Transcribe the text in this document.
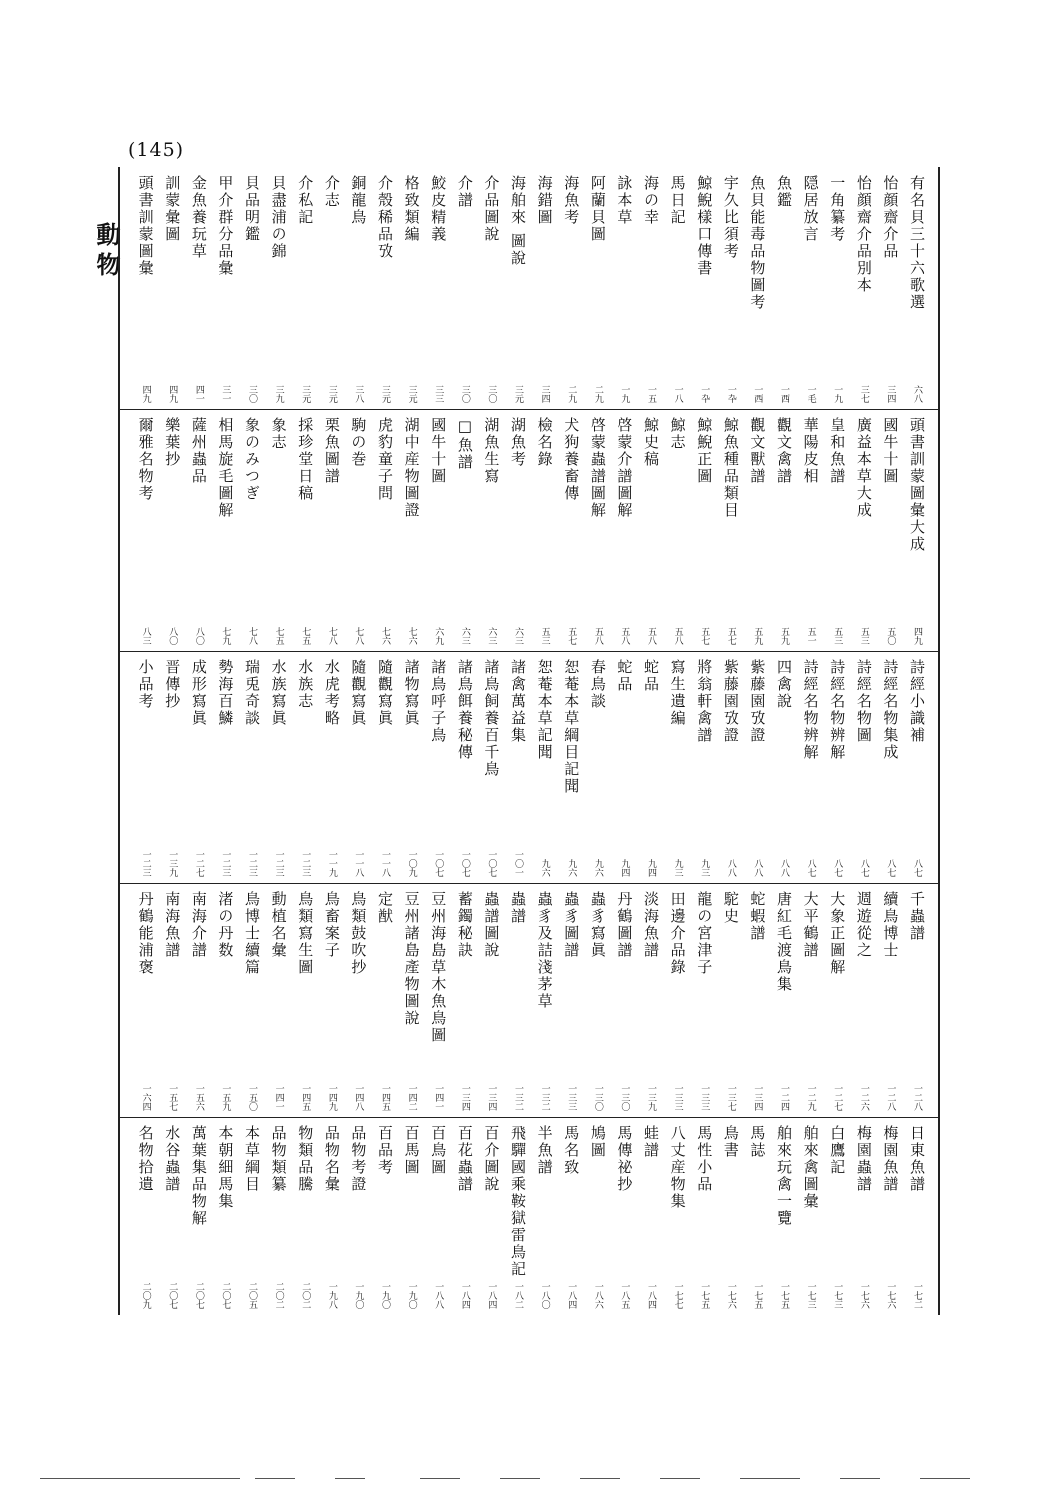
(145)
動物	有名貝三十六歌選
六八
怡顔齋介品
三四
怡顔齋介品別本
三七
一角纂考
一九
隠居放言
一毛
魚鑑
一西
魚貝能毒品物圖考
一西
宇久比須考
一卆
鯨鯢樣口傳書
一卆
馬日記
一八
海の幸
一五
詠本草
一九
阿蘭貝圖
二九
海魚考
二九
海錯圖
三四
海舶來 圖說
三元
介品圖說
三〇
介譜
三〇
鮫皮精義
三三
格致類編
三元
介殼稀品攷
三元
銅龍鳥
三八
介志
三元
介私記
三元
貝盡浦の錦
三九
貝品明鑑
三〇
甲介群分品彙
三一
金魚養玩草
四一
訓蒙彙圖
四九
頭書訓蒙圖彙
四九
頭書訓蒙圖彙大成
四九
國牛十圖
五〇
廣益本草大成
五三
皇和魚譜
五三
華陽皮相
五一
觀文禽譜
五九
觀文獸譜
五九
鯨魚種品類目
五七
鯨鯢正圖
五七
鯨志
五八
鯨史稿
五八
啓蒙介譜圖解
五八
啓蒙蟲譜圖解
五八
犬狗養畜傳
五七
檢名錄
五三
湖魚考
六三
湖魚生寫
六三
□魚譜
六三
國牛十圖
六九
湖中産物圖證
七六
虎豹童子問
七六
駒の巻
七八
栗魚圖譜
七八
採珍堂日稿
七五
象志
七五
象のみつぎ
七八
相馬旋毛圖解
七九
薩州蟲品
八〇
樂葉抄
八〇
爾雅名物考
八三
詩經小識補
八七
詩經名物集成
八七
詩經名物圖
八七
詩經名物辨解
八七
詩經名物辨解
八七
四禽說
八八
紫藤園攷證
八八
紫藤園攷證
八八
將翁軒禽譜
九三
寫生遺編
九三
蛇品
九四
蛇品
九四
春鳥談
九六
恕菴本草綱目記聞
九六
恕菴本草記聞
九六
諸禽萬益集
一〇一
諸鳥飼養百千鳥
一〇七
諸鳥餌養秘傳
一〇七
諸鳥呼子鳥
一〇七
諸物寫眞
一〇九
隨觀寫眞
一一八
隨觀寫眞
一一八
水虎考略
一一九
水族志
一二三
水族寫眞
一二三
瑞兎奇談
一二三
勢海百鱗
一二三
成形寫眞
一二七
晋傳抄
一三九
小品考
一二三
千蟲譜
一二八
續鳥博士
一二八
週遊從之
一二六
大象正圖解
一二七
大平鶴譜
一二九
唐紅毛渡鳥集
一二四
蛇蝦譜
一三四
駝史
一三七
龍の宮津子
一三三
田邊介品錄
一三三
淡海魚譜
一三九
丹鶴圖譜
一三〇
蟲豸寫眞
一三〇
蟲豸圖譜
一三三
蟲豸及詰淺茅草
一三二
蟲譜
一三二
蟲譜圖說
一三四
蓄鐲秘訣
一三四
豆州海島草木魚鳥圖
一四一
豆州諸島產物圖說
一四二
定猷
一四五
鳥類鼓吹抄
一四八
鳥畜案子
一四九
鳥類寫生圖
一四五
動植名彙
一四一
鳥博士續篇
一五〇
渚の丹数
一五九
南海介譜
一五六
南海魚譜
一五七
丹鶴能浦褒
一六四
日東魚譜
一七二
梅園魚譜
一七六
梅園蟲譜
一七六
白鷹記
一七三
舶來禽圖彙
一七三
舶來玩禽一覽
一七五
馬誌
一七五
鳥書
一七六
馬性小品
一七五
八丈産物集
一七七
蛙譜
一八四
馬傳祕抄
一八五
鳩圖
一八六
馬名致
一八四
半魚譜
一八〇
飛驒國乘鞍獄雷鳥記
一八二
百介圖說
一八四
百花蟲譜
一八四
百鳥圖
一八八
百馬圖
一九〇
百品考
一九〇
品物考證
一九〇
品物名彙
一九八
物類品騰
二〇二
品物類纂
二〇二
本草綱目
二〇五
本朝細馬集
二〇七
萬葉集品物解
二〇七
水谷蟲譜
二〇七
名物拾遺
二〇九
